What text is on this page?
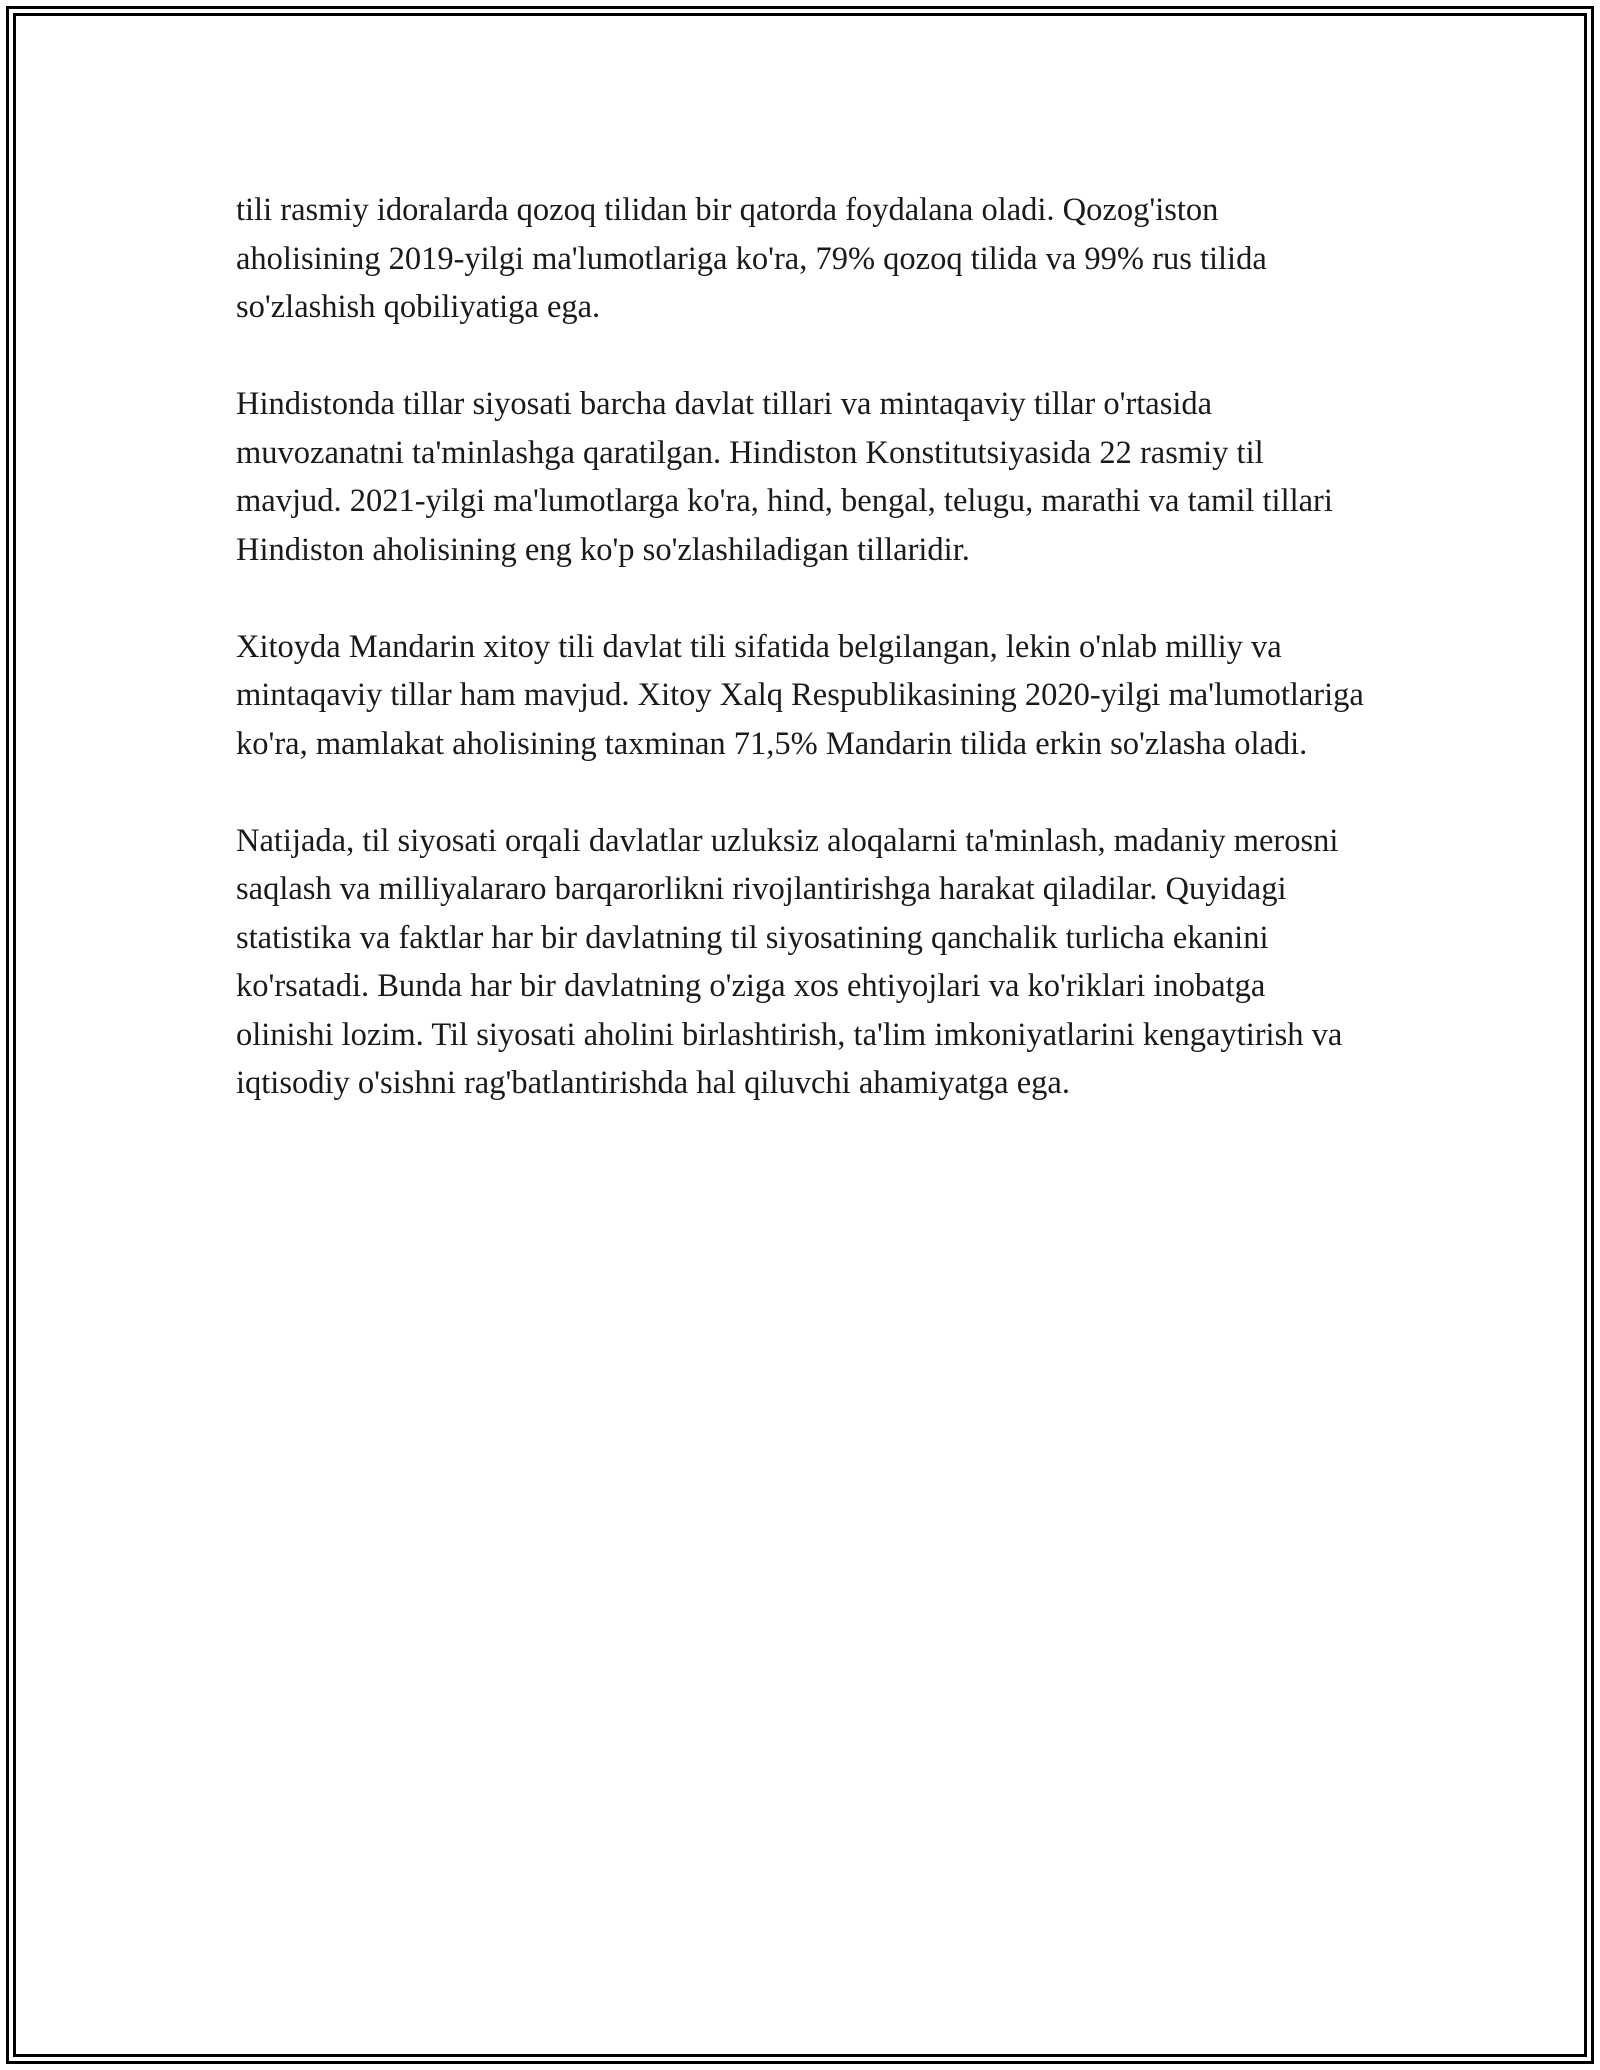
tili rasmiy idoralarda qozoq tilidan bir qatorda foydalana oladi. Qozog'iston aholisining 2019-yilgi ma'lumotlariga ko'ra, 79% qozoq tilida va 99% rus tilida so'zlashish qobiliyatiga ega.

Hindistonda tillar siyosati barcha davlat tillari va mintaqaviy tillar o'rtasida muvozanatni ta'minlashga qaratilgan. Hindiston Konstitutsiyasida 22 rasmiy til mavjud. 2021-yilgi ma'lumotlarga ko'ra, hind, bengal, telugu, marathi va tamil tillari Hindiston aholisining eng ko'p so'zlashiladigan tillaridir.

Xitoyda Mandarin xitoy tili davlat tili sifatida belgilangan, lekin o'nlab milliy va mintaqaviy tillar ham mavjud. Xitoy Xalq Respublikasining 2020-yilgi ma'lumotlariga ko'ra, mamlakat aholisining taxminan 71,5% Mandarin tilida erkin so'zlasha oladi.

Natijada, til siyosati orqali davlatlar uzluksiz aloqalarni ta'minlash, madaniy merosni saqlash va milliyalararo barqarorlikni rivojlantirishga harakat qiladilar. Quyidagi statistika va faktlar har bir davlatning til siyosatining qanchalik turlicha ekanini ko'rsatadi. Bunda har bir davlatning o'ziga xos ehtiyojlari va ko'riklari inobatga olinishi lozim. Til siyosati aholini birlashtirish, ta'lim imkoniyatlarini kengaytirish va iqtisodiy o'sishni rag'batlantirishda hal qiluvchi ahamiyatga ega.
